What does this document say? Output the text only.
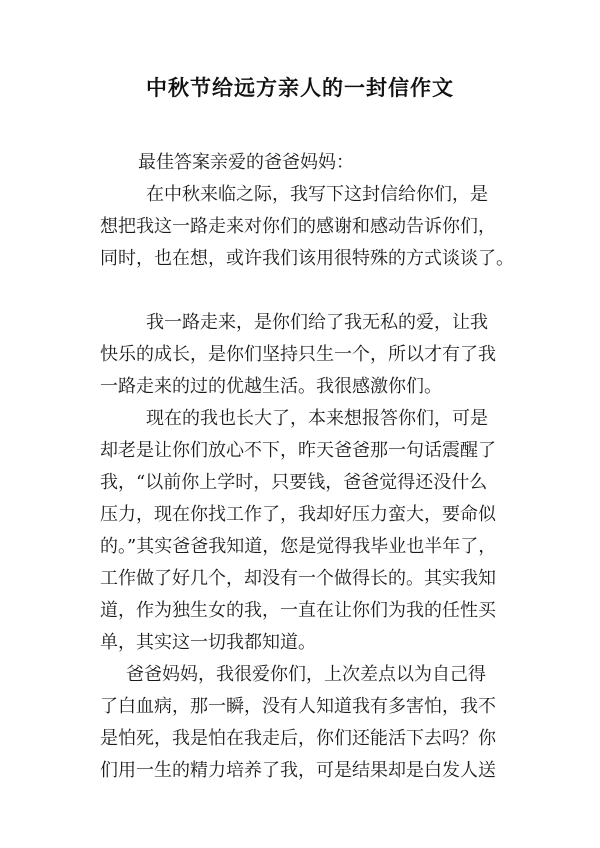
中秋节给远方亲人的一封信作文
最佳答案亲爱的爸爸妈妈：
在中秋来临之际，我写下这封信给你们，是
想把我这一路走来对你们的感谢和感动告诉你们，
同时，也在想，或许我们该用很特殊的方式谈谈了。
我一路走来，是你们给了我无私的爱，让我
快乐的成长，是你们坚持只生一个，所以才有了我
一路走来的过的优越生活。我很感激你们。
现在的我也长大了，本来想报答你们，可是
却老是让你们放心不下，昨天爸爸那一句话震醒了
我，“以前你上学时，只要钱，爸爸觉得还没什么
压力，现在你找工作了，我却好压力蛮大，要命似
的。”其实爸爸我知道，您是觉得我毕业也半年了，
工作做了好几个，却没有一个做得长的。其实我知
道，作为独生女的我，一直在让你们为我的任性买
单，其实这一切我都知道。
爸爸妈妈，我很爱你们，上次差点以为自己得
了白血病，那一瞬，没有人知道我有多害怕，我不
是怕死，我是怕在我走后，你们还能活下去吗？你
们用一生的精力培养了我，可是结果却是白发人送
